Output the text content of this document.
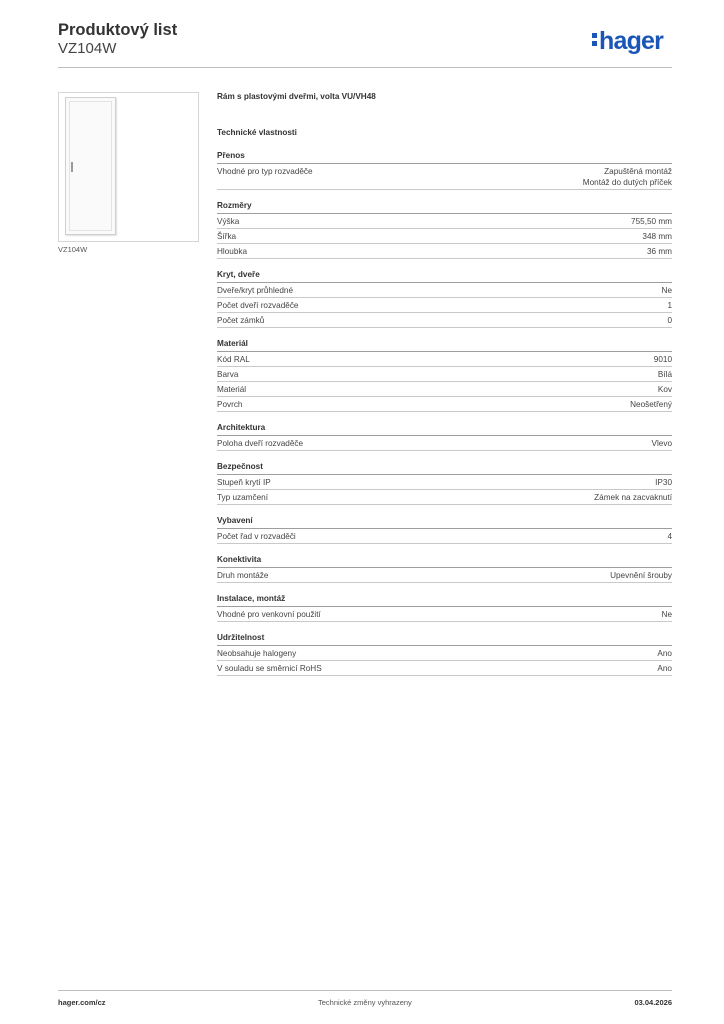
Produktový list
VZ104W	hager
VZ104W
Rám s plastovými dveřmi, volta VU/VH48
Technické vlastnosti
Přenos
Vhodné pro typ rozvaděče	Zapuštěná montáž
Montáž do dutých příček
Rozměry
Výška	755,50 mm
Šířka	348 mm
Hloubka	36 mm
Kryt, dveře
Dveře/kryt průhledné	Ne
Počet dveří rozvaděče	1
Počet zámků	0
Materiál
Kód RAL	9010
Barva	Bílá
Materiál	Kov
Povrch	Neošetřený
Architektura
Poloha dveří rozvaděče	Vlevo
Bezpečnost
Stupeň krytí IP	IP30
Typ uzamčení	Zámek na zacvaknutí
Vybavení
Počet řad v rozvaděči	4
Konektivita
Druh montáže	Upevnění šrouby
Instalace, montáž
Vhodné pro venkovní použití	Ne
Udržitelnost
Neobsahuje halogeny	Ano
V souladu se směrnicí RoHS	Ano
hager.com/cz	Technické změny vyhrazeny	03.04.2026
